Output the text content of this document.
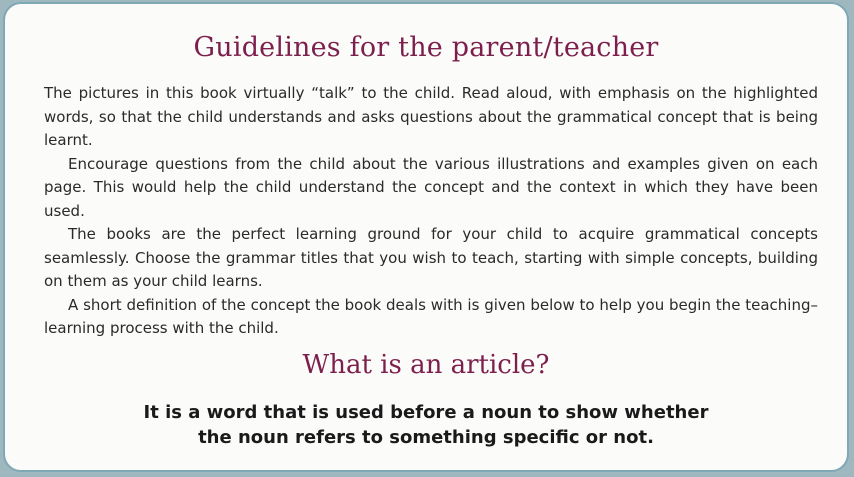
Guidelines for the parent/teacher

The pictures in this book virtually “talk” to the child. Read aloud, with emphasis on the highlighted words, so that the child understands and asks questions about the grammatical concept that is being learnt.

Encourage questions from the child about the various illustrations and examples given on each page. This would help the child understand the concept and the context in which they have been used.

The books are the perfect learning ground for your child to acquire grammatical concepts seamlessly. Choose the grammar titles that you wish to teach, starting with simple concepts, building on them as your child learns.

A short definition of the concept the book deals with is given below to help you begin the teaching–learning process with the child.

What is an article?
It is a word that is used before a noun to show whether
the noun refers to something specific or not.
